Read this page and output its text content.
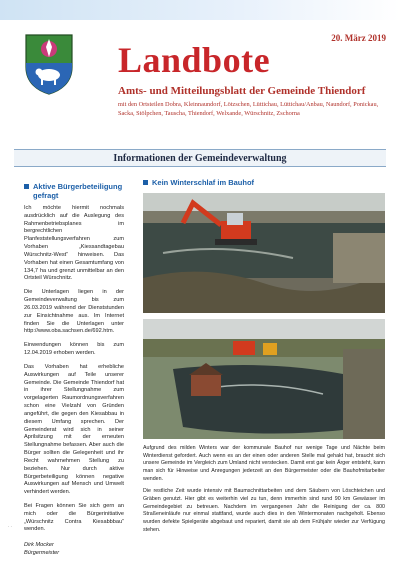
20. März 2019
Landbote
Amts- und Mitteilungsblatt der Gemeinde Thiendorf
mit den Ortsteilen Dobra, Kleinnaundorf, Lötzschen, Lüttichau, Lüttichau/Anbau, Naundorf, Ponickau, Sacka, Stölpchen, Tauscha, Thiendorf, Welxande, Würschnitz, Zschorna
Informationen der Gemeindeverwaltung
Aktive Bürgerbeteiligung gefragt

Ich möchte hiermit nochmals ausdrücklich auf die Auslegung des Rahmenbetriebsplanes im bergrechtlichen Planfeststellungsverfahren zum Vorhaben „Kiessandtagebau Würschnitz-West“ hinweisen. Das Vorhaben hat einen Gesamtumfang von 134,7 ha und grenzt unmittelbar an den Ortsteil Würschnitz.

Die Unterlagen liegen in der Gemeindeverwaltung bis zum 26.03.2019 während der Dienststunden zur Einsichtnahme aus. Im Internet finden Sie die Unterlagen unter http://www.oba.sachsen.de/692.htm.

Einwendungen können bis zum 12.04.2019 erhoben werden.

Das Vorhaben hat erhebliche Auswirkungen auf Teile unserer Gemeinde. Die Gemeinde Thiendorf hat in ihrer Stellungnahme zum vorgelagerten Raumordnungsverfahren schon eine Vielzahl von Gründen angeführt, die gegen den Kiesabbau in diesem Umfang sprechen. Der Gemeinderat wird sich in seiner Aprilsitzung mit der erneuten Stellungnahme befassen. Aber auch die Bürger sollten die Gelegenheit und ihr Recht wahrnehmen Stellung zu beziehen. Nur durch aktive Bürgerbeteiligung können negative Auswirkungen auf Mensch und Umwelt verhindert werden.

Bei Fragen können Sie sich gern an mich oder die Bürgerinitiative „Würschnitz Contra Kiesabbbau“ wenden.

Dirk Mocker
Bürgermeister
Kein Winterschlaf im Bauhof

Aufgrund des milden Winters war der kommunale Bauhof nur wenige Tage und Nächte beim Winterdienst gefordert. Auch wenn es an der einen oder anderen Stelle mal gehakt hat, braucht sich unsere Gemeinde im Vergleich zum Umland nicht verstecken. Damit erst gar kein Ärger entsteht, kann man sich für Hinweise und Anregungen jederzeit an den Bürgermeister oder die Bauhofmitarbeiter wenden.

Die restliche Zeit wurde intensiv mit Baumschnittarbeiten und dem Säubern von Löschteichen und Gräben genutzt. Hier gibt es weiterhin viel zu tun, denn immerhin sind rund 90 km Gewässer im Gemeindegebiet zu betreuen. Nachdem im vergangenen Jahr die Reinigung der ca. 800 Straßeneinläufe nur einmal stattfand, wurde auch dies in den Wintermonaten nachgeholt. Ebenso wurden defekte Spielgeräte abgebaut und repariert, damit sie ab dem Frühjahr wieder zur Verfügung stehen.

· ·
